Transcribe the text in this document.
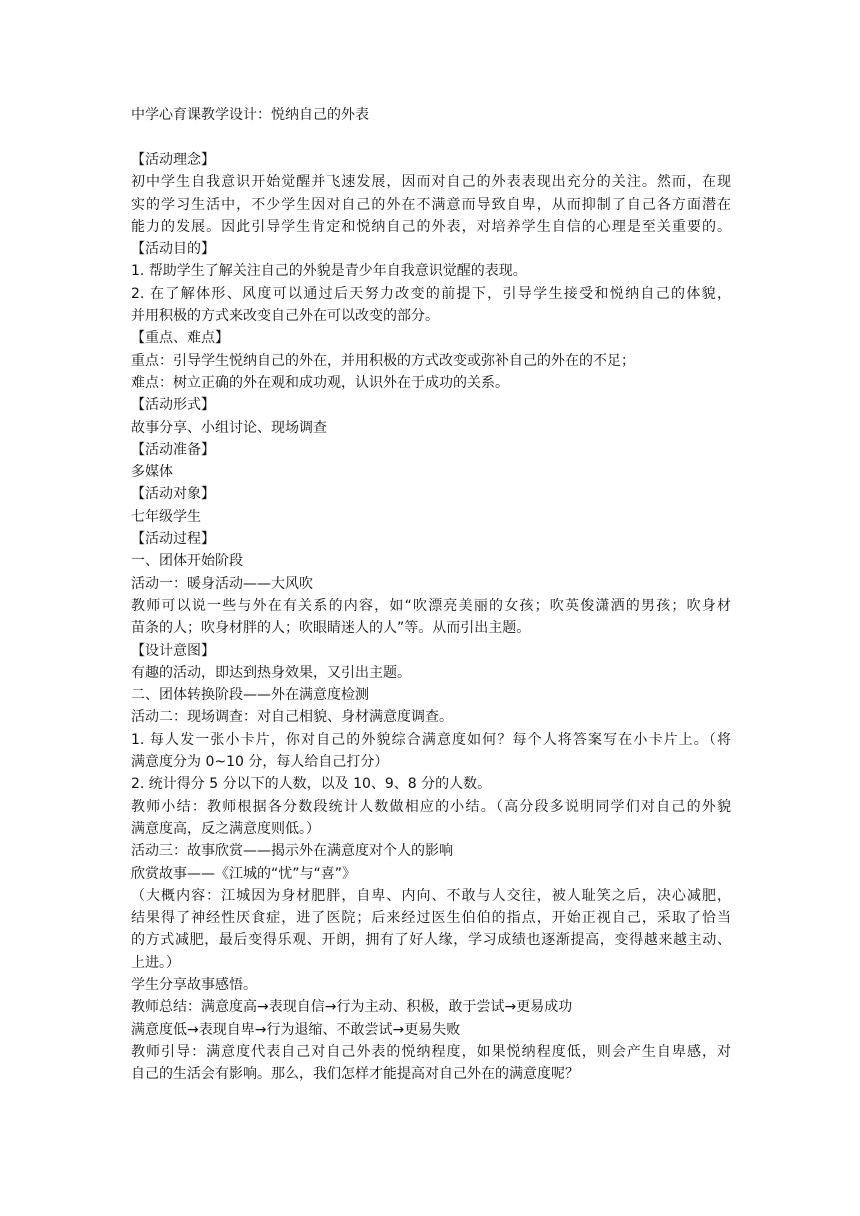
中学心育课教学设计：悦纳自己的外表
【活动理念】
初中学生自我意识开始觉醒并飞速发展，因而对自己的外表表现出充分的关注。然而，在现
实的学习生活中，不少学生因对自己的外在不满意而导致自卑，从而抑制了自己各方面潜在
能力的发展。因此引导学生肯定和悦纳自己的外表，对培养学生自信的心理是至关重要的。
【活动目的】
1. 帮助学生了解关注自己的外貌是青少年自我意识觉醒的表现。
2. 在了解体形、风度可以通过后天努力改变的前提下，引导学生接受和悦纳自己的体貌，
并用积极的方式来改变自己外在可以改变的部分。
【重点、难点】
重点：引导学生悦纳自己的外在，并用积极的方式改变或弥补自己的外在的不足；
难点：树立正确的外在观和成功观，认识外在于成功的关系。
【活动形式】
故事分享、小组讨论、现场调查
【活动准备】
多媒体
【活动对象】
七年级学生
【活动过程】
一、团体开始阶段
活动一：暖身活动——大风吹
教师可以说一些与外在有关系的内容，如“吹漂亮美丽的女孩；吹英俊潇洒的男孩；吹身材
苗条的人；吹身材胖的人；吹眼睛迷人的人”等。从而引出主题。
【设计意图】
有趣的活动，即达到热身效果，又引出主题。
二、团体转换阶段——外在满意度检测
活动二：现场调查：对自己相貌、身材满意度调查。
1. 每人发一张小卡片，你对自己的外貌综合满意度如何？每个人将答案写在小卡片上。（将
满意度分为 0~10 分，每人给自己打分）
2. 统计得分 5 分以下的人数，以及 10、9、8 分的人数。
教师小结：教师根据各分数段统计人数做相应的小结。（高分段多说明同学们对自己的外貌
满意度高，反之满意度则低。）
活动三：故事欣赏——揭示外在满意度对个人的影响
欣赏故事——《江城的“忧”与“喜”》
（大概内容：江城因为身材肥胖，自卑、内向、不敢与人交往，被人耻笑之后，决心减肥，
结果得了神经性厌食症，进了医院；后来经过医生伯伯的指点，开始正视自己，采取了恰当
的方式减肥，最后变得乐观、开朗，拥有了好人缘，学习成绩也逐渐提高，变得越来越主动、
上进。）
学生分享故事感悟。
教师总结：满意度高→表现自信→行为主动、积极，敢于尝试→更易成功
满意度低→表现自卑→行为退缩、不敢尝试→更易失败
教师引导：满意度代表自己对自己外表的悦纳程度，如果悦纳程度低，则会产生自卑感，对
自己的生活会有影响。那么，我们怎样才能提高对自己外在的满意度呢？
